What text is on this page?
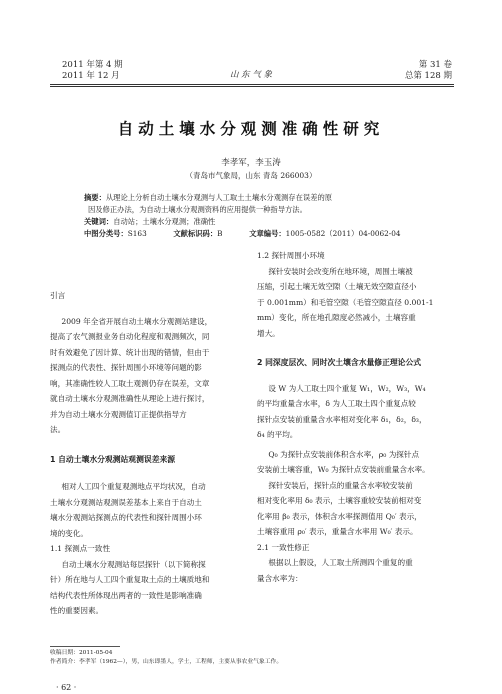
2011 年第 4 期
2011 年 12 月	山 东 气 象
第 31 卷
总第 128 期
自动土壤水分观测准确性研究
李孝军，李玉涛
（青岛市气象局，山东 青岛 266003）
摘要：从理论上分析自动土壤水分观测与人工取土土壤水分观测存在误差的原
因及修正办法，为自动土壤水分观测资料的应用提供一种指导方法。
关键词：自动站；土壤水分观测；准确性
中图分类号：S163	文献标识码：B	文章编号：1005-0582（2011）04-0062-04
引言
2009 年全省开展自动土壤水分观测站建设，
提高了农气测报业务自动化程度和观测频次，同
时有效避免了因计算、统计出现的错情，但由于
探测点的代表性、探针周围小环境等问题的影
响，其准确性较人工取土观测仍存在误差，文章
就自动土壤水分观测准确性从理论上进行探讨，
并为自动土壤水分观测值订正提供指导方
法。
1 自动土壤水分观测站观测误差来源
相对人工四个重复观测地点平均状况，自动
土壤水分观测站观测误差基本上来自于自动土
壤水分观测站探测点的代表性和探针周围小环
境的变化。
1.1 探测点一致性
自动土壤水分观测站每层探针（以下简称探
针）所在地与人工四个重复取土点的土壤质地和
结构代表性所体现出两者的一致性是影响准确
性的重要因素。
1.2 探针周围小环境
探针安装时会改变所在地环境，周围土壤被
压缩，引起土壤无效空隙（土壤无效空隙直径小
于 0.001mm）和毛管空隙（毛管空隙直径 0.001-1
mm）变化，所在地孔隙度必然减小，土壤容重
增大。
2 同深度层次、同时次土壤含水量修正理论公式
设 W 为人工取土四个重复 W₁，W₂，W₃，W₄
的平均重量含水率，δ 为人工取土四个重复点较
探针点安装前重量含水率相对变化率 δ₁，δ₂，δ₃，
δ₄ 的平均。
Q₀ 为探针点安装前体积含水率，ρ₀ 为探针点
安装前土壤容重，W₀ 为探针点安装前重量含水率。
探针安装后，探针点的重量含水率较安装前
相对变化率用 δ₀ 表示，土壤容重较安装前相对变
化率用 β₀ 表示，体积含水率探测值用 Q₀′ 表示，
土壤容重用 ρ₀′ 表示，重量含水率用 W₀′ 表示。
2.1 一致性修正
根据以上假设，人工取土所测四个重复的重
量含水率为：
收稿日期：2011-05-04
作者简介：李孝军（1962—），男，山东即墨人，学士，工程师，主要从事农业气象工作。
· 62 ·
